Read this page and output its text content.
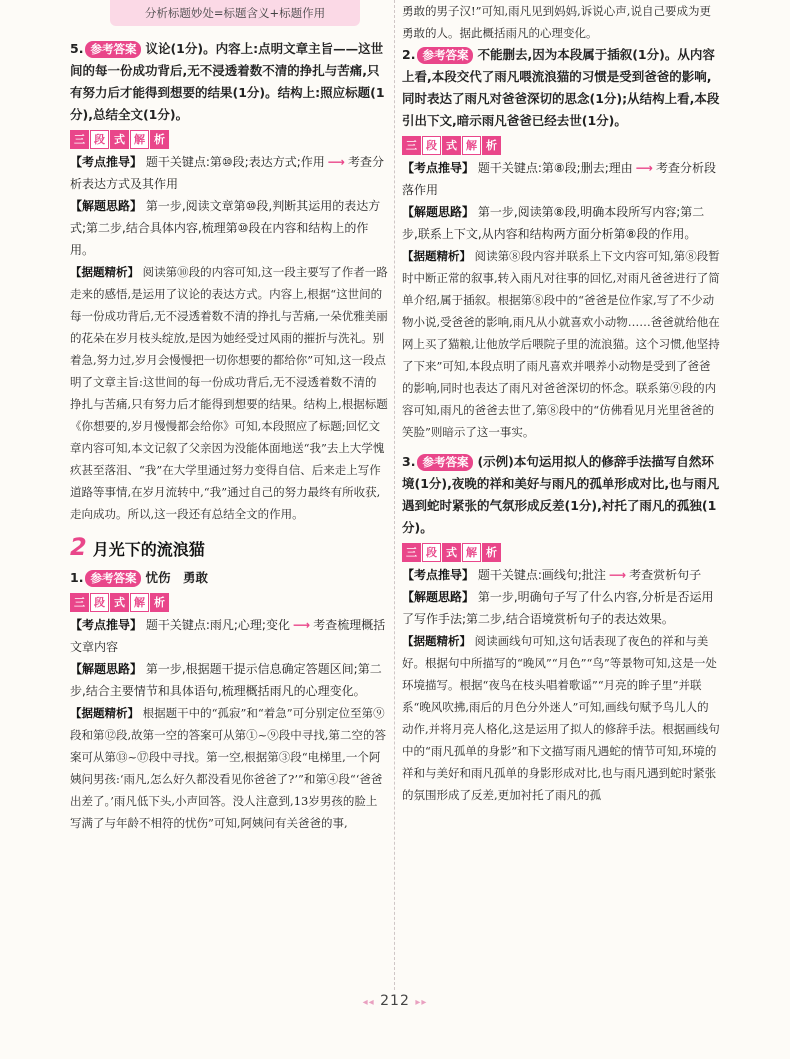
分析标题妙处=标题含义+标题作用
5. 参考答案 议论(1分)。内容上:点明文章主旨——这世间的每一份成功背后,无不浸透着数不清的挣扎与苦痛,只有努力后才能得到想要的结果(1分)。结构上:照应标题(1分),总结全文(1分)。
三 段 式 解 析
【考点推导】 题干关键点:第⑩段;表达方式;作用 ⟶ 考查分析表达方式及其作用
【解题思路】 第一步,阅读文章第⑩段,判断其运用的表达方式;第二步,结合具体内容,梳理第⑩段在内容和结构上的作用。
【据题精析】 阅读第⑩段的内容可知,这一段主要写了作者一路走来的感悟,是运用了议论的表达方式。内容上,根据“这世间的每一份成功背后,无不浸透着数不清的挣扎与苦痛,一朵优雅美丽的花朵在岁月枝头绽放,是因为她经受过风雨的摧折与洗礼。别着急,努力过,岁月会慢慢把一切你想要的都给你”可知,这一段点明了文章主旨:这世间的每一份成功背后,无不浸透着数不清的挣扎与苦痛,只有努力后才能得到想要的结果。结构上,根据标题《你想要的,岁月慢慢都会给你》可知,本段照应了标题;回忆文章内容可知,本文记叙了父亲因为没能体面地送“我”去上大学愧疚甚至落泪、“我”在大学里通过努力变得自信、后来走上写作道路等事情,在岁月流转中,“我”通过自己的努力最终有所收获,走向成功。所以,这一段还有总结全文的作用。
2 月光下的流浪猫
1. 参考答案 忧伤　勇敢
三 段 式 解 析
【考点推导】 题干关键点:雨凡;心理;变化 ⟶ 考查梳理概括文章内容
【解题思路】 第一步,根据题干提示信息确定答题区间;第二步,结合主要情节和具体语句,梳理概括雨凡的心理变化。
【据题精析】 根据题干中的“孤寂”和“着急”可分别定位至第⑨段和第⑫段,故第一空的答案可从第①~⑨段中寻找,第二空的答案可从第⑬~⑰段中寻找。第一空,根据第③段“电梯里,一个阿姨问男孩:‘雨凡,怎么好久都没看见你爸爸了?’”和第④段“‘爸爸出差了。’雨凡低下头,小声回答。没人注意到,13岁男孩的脸上写满了与年龄不相符的忧伤”可知,阿姨问有关爸爸的事,
勇敢的男子汉!”可知,雨凡见到妈妈,诉说心声,说自己要成为更勇敢的人。据此概括雨凡的心理变化。
2. 参考答案 不能删去,因为本段属于插叙(1分)。从内容上看,本段交代了雨凡喂流浪猫的习惯是受到爸爸的影响,同时表达了雨凡对爸爸深切的思念(1分);从结构上看,本段引出下文,暗示雨凡爸爸已经去世(1分)。
三 段 式 解 析
【考点推导】 题干关键点:第⑧段;删去;理由 ⟶ 考查分析段落作用
【解题思路】 第一步,阅读第⑧段,明确本段所写内容;第二步,联系上下文,从内容和结构两方面分析第⑧段的作用。
【据题精析】 阅读第⑧段内容并联系上下文内容可知,第⑧段暂时中断正常的叙事,转入雨凡对往事的回忆,对雨凡爸爸进行了简单介绍,属于插叙。根据第⑧段中的“爸爸是位作家,写了不少动物小说,受爸爸的影响,雨凡从小就喜欢小动物……爸爸就给他在网上买了猫粮,让他放学后喂院子里的流浪猫。这个习惯,他坚持了下来”可知,本段点明了雨凡喜欢并喂养小动物是受到了爸爸的影响,同时也表达了雨凡对爸爸深切的怀念。联系第⑨段的内容可知,雨凡的爸爸去世了,第⑧段中的“仿佛看见月光里爸爸的笑脸”则暗示了这一事实。
3. 参考答案 (示例)本句运用拟人的修辞手法描写自然环境(1分),夜晚的祥和美好与雨凡的孤单形成对比,也与雨凡遇到蛇时紧张的气氛形成反差(1分),衬托了雨凡的孤独(1分)。
三 段 式 解 析
【考点推导】 题干关键点:画线句;批注 ⟶ 考查赏析句子
【解题思路】 第一步,明确句子写了什么内容,分析是否运用了写作手法;第二步,结合语境赏析句子的表达效果。
【据题精析】 阅读画线句可知,这句话表现了夜色的祥和与美好。根据句中所描写的“晚风”“月色”“鸟”等景物可知,这是一处环境描写。根据“夜鸟在枝头唱着歌谣”“月亮的眸子里”并联系“晚风吹拂,雨后的月色分外迷人”可知,画线句赋予鸟儿人的动作,并将月亮人格化,这是运用了拟人的修辞手法。根据画线句中的“雨凡孤单的身影”和下文描写雨凡遇蛇的情节可知,环境的祥和与美好和雨凡孤单的身影形成对比,也与雨凡遇到蛇时紧张的氛围形成了反差,更加衬托了雨凡的孤
◂◂ 212 ▸▸
